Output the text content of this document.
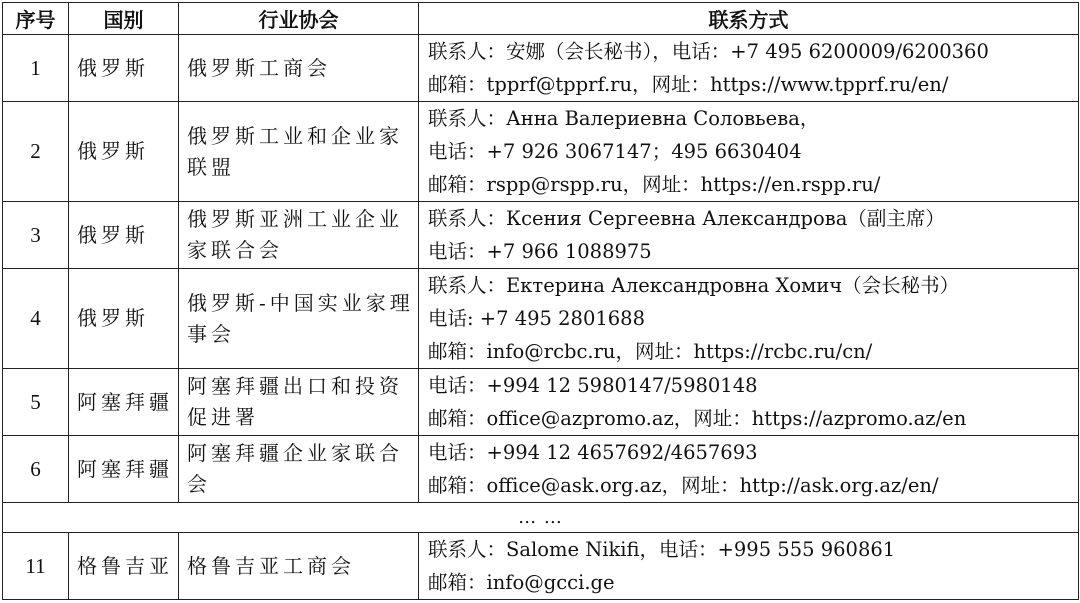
序号	国别	行业协会	联系方式
1	俄罗斯	俄罗斯工商会	联系人：安娜（会长秘书），电话：+7 495 6200009/6200360
邮箱：tpprf@tpprf.ru，网址：https://www.tpprf.ru/en/

2	俄罗斯	俄罗斯工业和企业家联盟	联系人：Анна Валериевна Соловьева，
电话：+7 926 3067147；495 6630404
邮箱：rspp@rspp.ru，网址：https://en.rspp.ru/

3	俄罗斯	俄罗斯亚洲工业企业家联合会	联系人：Ксения Сергеевна Александрова（副主席）
电话：+7 966 1088975

4	俄罗斯	俄罗斯-中国实业家理事会	联系人：Ектерина Александровна Хомич（会长秘书）
电话: +7 495 2801688
邮箱：info@rcbc.ru，网址：https://rcbc.ru/cn/

5	阿塞拜疆	阿塞拜疆出口和投资促进署	电话：+994 12 5980147/5980148
邮箱：office@azpromo.az，网址：https://azpromo.az/en

6	阿塞拜疆	阿塞拜疆企业家联合会	电话：+994 12 4657692/4657693
邮箱：office@ask.org.az，网址：http://ask.org.az/en/

… …			
11	格鲁吉亚	格鲁吉亚工商会	联系人：Salome Nikifi，电话：+995 555 960861
邮箱：info@gcci.ge
